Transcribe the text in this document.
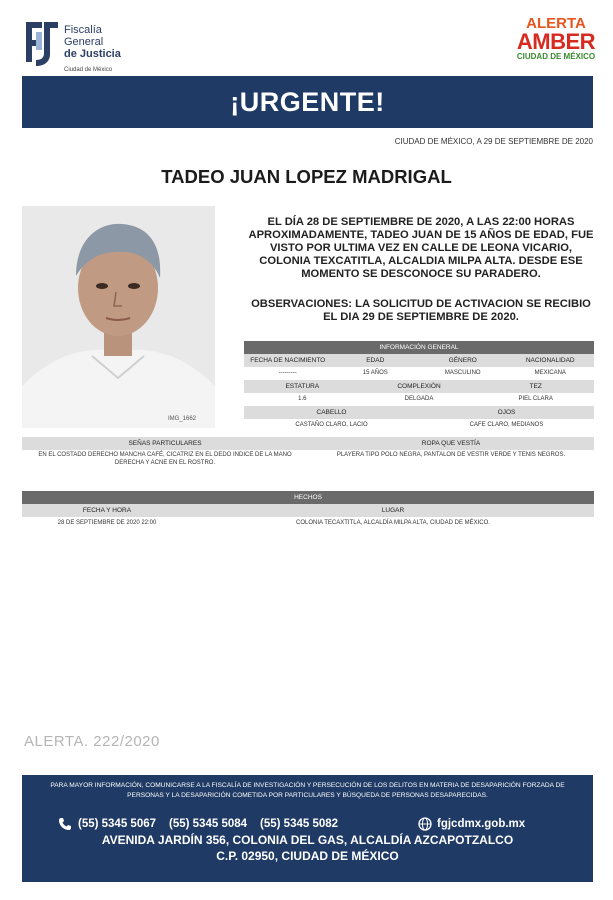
Fiscalía
General
de Justicia
Ciudad de México
ALERTA
AMBER
CIUDAD DE MÉXICO
¡URGENTE!
CIUDAD DE MÉXICO, A 29 DE SEPTIEMBRE DE 2020
TADEO JUAN LOPEZ MADRIGAL
IMG_1662
EL DÍA 28 DE SEPTIEMBRE DE 2020, A LAS 22:00 HORAS APROXIMADAMENTE, TADEO JUAN DE 15 AÑOS DE EDAD, FUE VISTO POR ULTIMA VEZ EN CALLE DE LEONA VICARIO, COLONIA TEXCATITLA, ALCALDIA MILPA ALTA. DESDE ESE MOMENTO SE DESCONOCE SU PARADERO.
OBSERVACIONES: LA SOLICITUD DE ACTIVACION SE RECIBIO EL DIA 29 DE SEPTIEMBRE DE 2020.
INFORMACIÓN GENERAL
FECHA DE NACIMIENTO	EDAD	GÉNERO	NACIONALIDAD
---------	15 AÑOS	MASCULINO	MEXICANA
ESTATURA	COMPLEXIÓN	TEZ
1.6	DELGADA	PIEL CLARA
CABELLO	OJOS
CASTAÑO CLARO, LACIO	CAFE CLARO, MEDIANOS
SEÑAS PARTICULARES	ROPA QUE VESTÍA
EN EL COSTADO DERECHO MANCHA CAFÉ, CICATRIZ EN EL DEDO INDICE DE LA MANO DERECHA Y ACNE EN EL ROSTRO.
PLAYERA TIPO POLO NEGRA, PANTALON DE VESTIR VERDE Y TENIS NEGROS.
HECHOS
FECHA Y HORA	LUGAR
28 DE SEPTIEMBRE DE 2020 22:00	COLONIA TECAXTITLA, ALCALDÍA MILPA ALTA, CIUDAD DE MÉXICO.
ALERTA. 222/2020
PARA MAYOR INFORMACIÓN, COMUNICARSE A LA FISCALÍA DE INVESTIGACIÓN Y PERSECUCIÓN DE LOS DELITOS EN MATERIA DE DESAPARICIÓN FORZADA DE PERSONAS Y LA DESAPARICIÓN COMETIDA POR PARTICULARES Y BÚSQUEDA DE PERSONAS DESAPARECIDAS.
(55) 5345 5067 (55) 5345 5084 (55) 5345 5082	fgjcdmx.gob.mx
AVENIDA JARDÍN 356, COLONIA DEL GAS, ALCALDÍA AZCAPOTZALCO
C.P. 02950, CIUDAD DE MÉXICO
